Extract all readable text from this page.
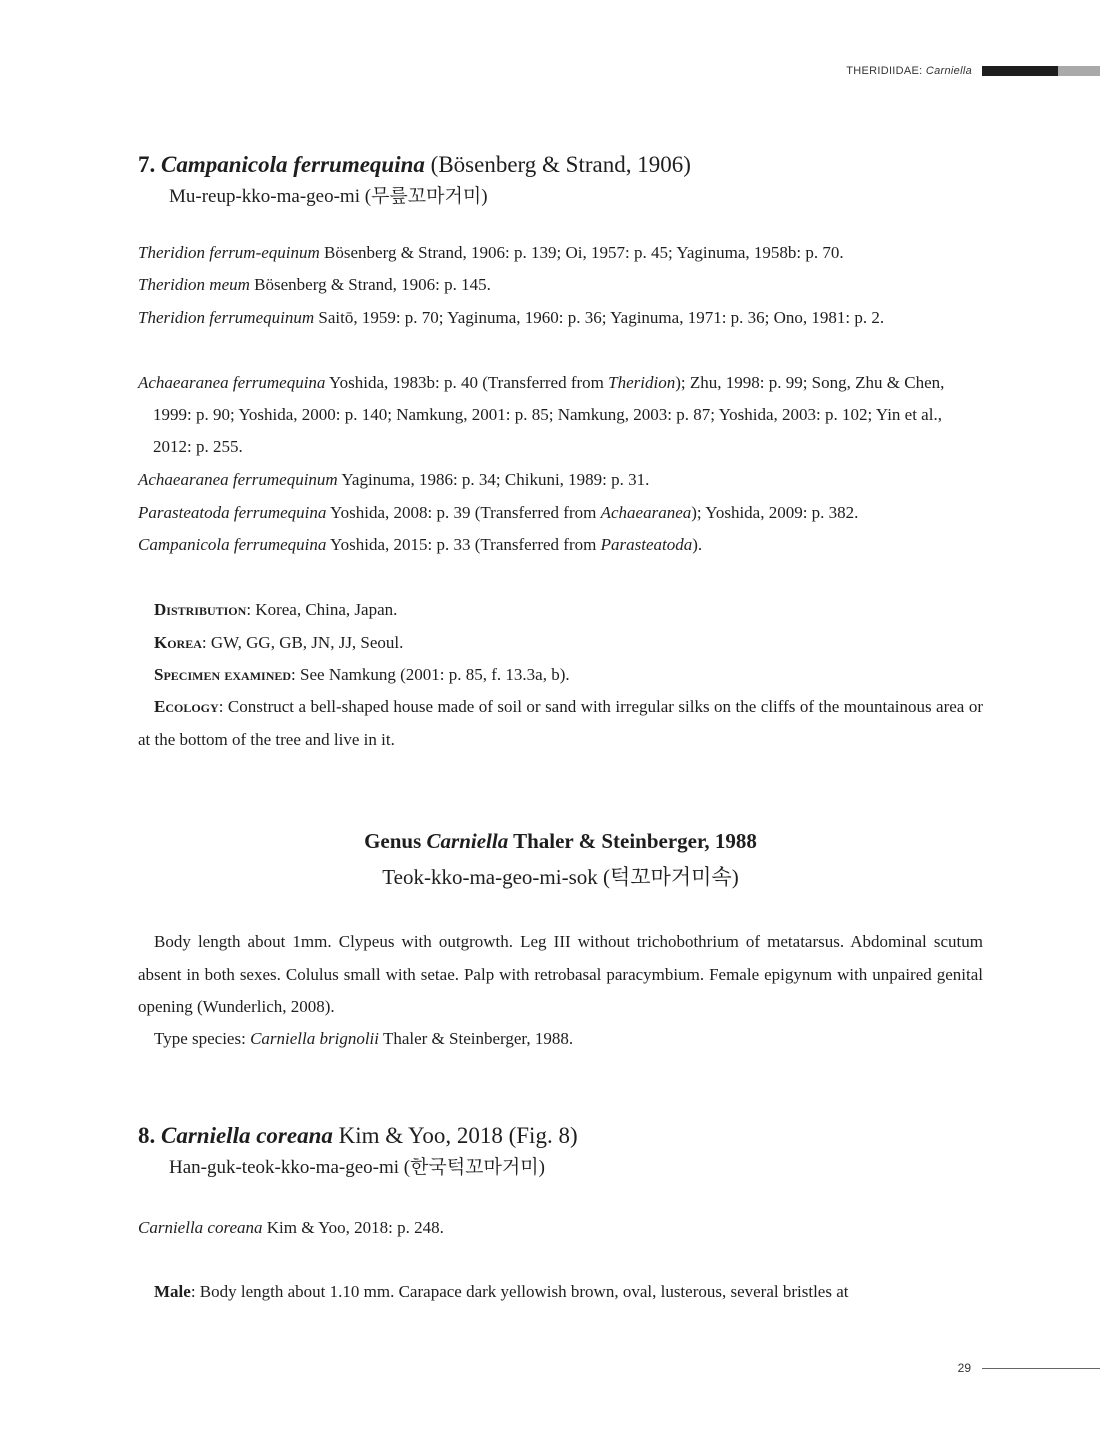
THERIDIIDAE: Carniella
7. Campanicola ferrumequina (Bösenberg & Strand, 1906)
Mu-reup-kko-ma-geo-mi (무릎꼬마거미)
Theridion ferrum-equinum Bösenberg & Strand, 1906: p. 139; Oi, 1957: p. 45; Yaginuma, 1958b: p. 70.
Theridion meum Bösenberg & Strand, 1906: p. 145.
Theridion ferrumequinum Saitō, 1959: p. 70; Yaginuma, 1960: p. 36; Yaginuma, 1971: p. 36; Ono, 1981: p. 2.
Achaearanea ferrumequina Yoshida, 1983b: p. 40 (Transferred from Theridion); Zhu, 1998: p. 99; Song, Zhu & Chen, 1999: p. 90; Yoshida, 2000: p. 140; Namkung, 2001: p. 85; Namkung, 2003: p. 87; Yoshida, 2003: p. 102; Yin et al., 2012: p. 255.
Achaearanea ferrumequinum Yaginuma, 1986: p. 34; Chikuni, 1989: p. 31.
Parasteatoda ferrumequina Yoshida, 2008: p. 39 (Transferred from Achaearanea); Yoshida, 2009: p. 382.
Campanicola ferrumequina Yoshida, 2015: p. 33 (Transferred from Parasteatoda).
Distribution: Korea, China, Japan.
Korea: GW, GG, GB, JN, JJ, Seoul.
Specimen examined: See Namkung (2001: p. 85, f. 13.3a, b).
Ecology: Construct a bell-shaped house made of soil or sand with irregular silks on the cliffs of the mountainous area or at the bottom of the tree and live in it.
Genus Carniella Thaler & Steinberger, 1988
Teok-kko-ma-geo-mi-sok (턱꼬마거미속)
Body length about 1mm. Clypeus with outgrowth. Leg III without trichobothrium of metatarsus. Abdominal scutum absent in both sexes. Colulus small with setae. Palp with retrobasal paracymbium. Female epigynum with unpaired genital opening (Wunderlich, 2008).
Type species: Carniella brignolii Thaler & Steinberger, 1988.
8. Carniella coreana Kim & Yoo, 2018 (Fig. 8)
Han-guk-teok-kko-ma-geo-mi (한국턱꼬마거미)
Carniella coreana Kim & Yoo, 2018: p. 248.
Male: Body length about 1.10 mm. Carapace dark yellowish brown, oval, lusterous, several bristles at
29
